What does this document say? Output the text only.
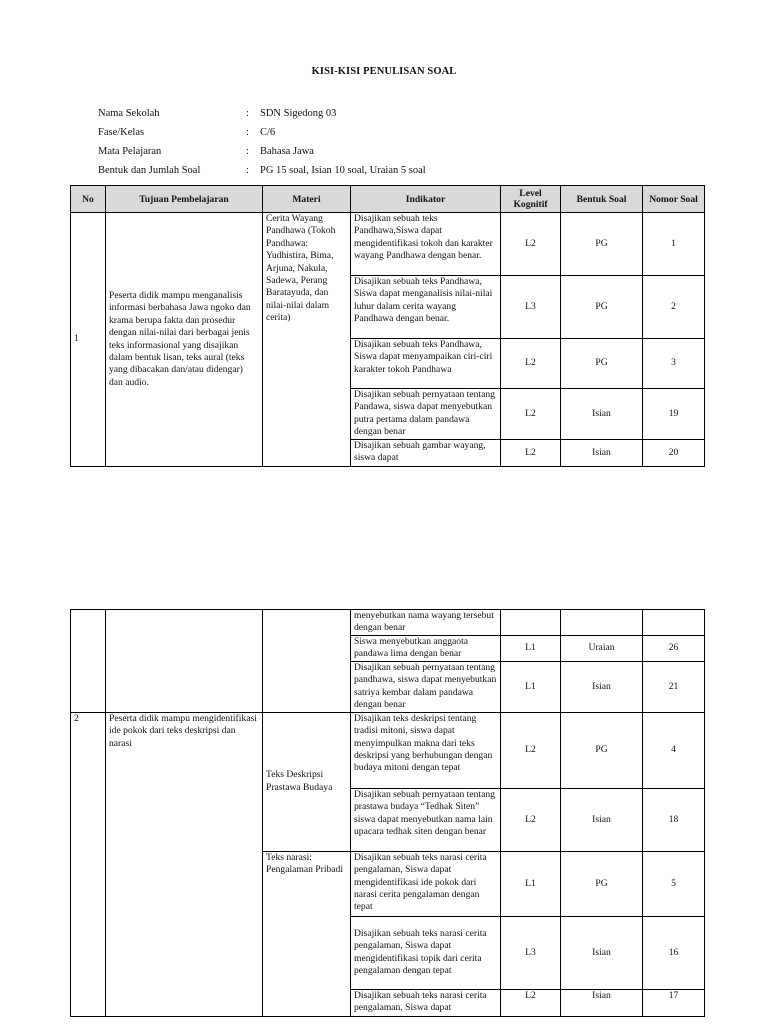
KISI-KISI PENULISAN SOAL
Nama Sekolah	:	SDN Sigedong 03
Fase/Kelas	:	C/6
Mata Pelajaran	:	Bahasa Jawa
Bentuk dan Jumlah Soal	:	PG 15 soal, Isian 10 soal, Uraian 5 soal
No	Tujuan Pembelajaran	Materi	Indikator	Level Kognitif	Bentuk Soal	Nomor Soal
1	Peserta didik mampu menganalisis informasi berbahasa Jawa ngoko dan krama berupa fakta dan prosedur dengan nilai-nilai dari berbagai jenis teks informasional yang disajikan dalam bentuk lisan, teks aural (teks yang dibacakan dan/atau didengar) dan audio.	Cerita Wayang Pandhawa (Tokoh Pandhawa: Yudhistira, Bima, Arjuna, Nakula, Sadewa, Perang Baratayuda, dan nilai-nilai dalam cerita)	Disajikan sebuah teks Pandhawa,Siswa dapat mengidentifikasi tokoh dan karakter wayang Pandhawa dengan benar.	L2	PG	1
			Disajikan sebuah teks Pandhawa, Siswa dapat menganalisis nilai-nilai luhur dalam cerita wayang Pandhawa dengan benar.	L3	PG	2
			Disajikan sebuah teks Pandhawa, Siswa dapat menyampaikan ciri-ciri karakter tokoh Pandhawa	L2	PG	3
			Disajikan sebuah pernyataan tentang Pandawa, siswa dapat menyebutkan putra pertama dalam pandawa dengan benar	L2	Isian	19
			Disajikan sebuah gambar wayang, siswa dapat	L2	Isian	20
			menyebutkan nama wayang tersebut dengan benar			
			Siswa menyebutkan anggaota pandawa lima dengan benar	L1	Uraian	26
			Disajikan sebuah pernyataan tentang pandhawa, siswa dapat menyebutkan satriya kembar dalam pandawa dengan benar	L1	Isian	21
2	Peserta didik mampu mengidentifikasi ide pokok dari teks deskripsi dan narasi	Teks Deskripsi Prastawa Budaya	Disajikan teks deskripsi tentang tradisi mitoni, siswa dapat menyimpulkan makna dari teks deskripsi yang berhubungan dengan budaya mitoni dengan tepat	L2	PG	4
			Disajikan sebuah pernyataan tentang prastawa budaya “Tedhak Siten” siswa dapat menyebutkan nama lain upacara tedhak siten dengan benar	L2	Isian	18
		Teks narasi: Pengalaman Pribadi	Disajikan sebuah teks narasi cerita pengalaman, Siswa dapat mengidentifikasi ide pokok dari narasi cerita pengalaman dengan tepat	L1	PG	5
			Disajikan sebuah teks narasi cerita pengalaman, Siswa dapat mengidentifikasi topik dari cerita pengalaman dengan tepat	L3	Isian	16
			Disajikan sebuah teks narasi cerita pengalaman, Siswa dapat	L2	Isian	17
